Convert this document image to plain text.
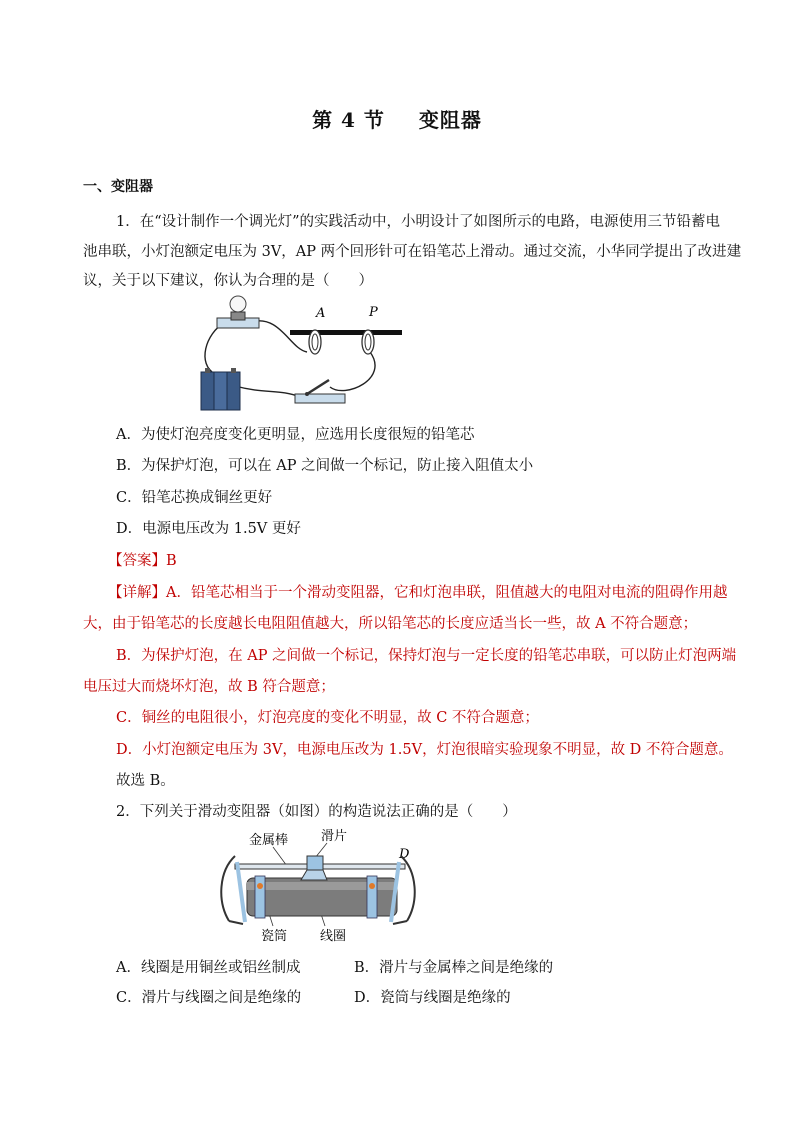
第 4 节 变阻器
一、变阻器
1．在“设计制作一个调光灯”的实践活动中，小明设计了如图所示的电路，电源使用三节铅蓄电
池串联，小灯泡额定电压为 3V，AP 两个回形针可在铅笔芯上滑动。通过交流，小华同学提出了改进建
议，关于以下建议，你认为合理的是（　　）
A	P
A．为使灯泡亮度变化更明显，应选用长度很短的铅笔芯
B．为保护灯泡，可以在 AP 之间做一个标记，防止接入阻值太小
C．铅笔芯换成铜丝更好
D．电源电压改为 1.5V 更好
【答案】B
【详解】A．铅笔芯相当于一个滑动变阻器，它和灯泡串联，阻值越大的电阻对电流的阻碍作用越
大，由于铅笔芯的长度越长电阻阻值越大，所以铅笔芯的长度应适当长一些，故 A 不符合题意；
B．为保护灯泡，在 AP 之间做一个标记，保持灯泡与一定长度的铅笔芯串联，可以防止灯泡两端
电压过大而烧坏灯泡，故 B 符合题意；
C．铜丝的电阻很小，灯泡亮度的变化不明显，故 C 不符合题意；
D．小灯泡额定电压为 3V，电源电压改为 1.5V，灯泡很暗实验现象不明显，故 D 不符合题意。
故选 B。
2．下列关于滑动变阻器（如图）的构造说法正确的是（　　）
金属棒	滑片
D
瓷筒	线圈
A．线圈是用铜丝或铝丝制成	B．滑片与金属棒之间是绝缘的
C．滑片与线圈之间是绝缘的	D．瓷筒与线圈是绝缘的
